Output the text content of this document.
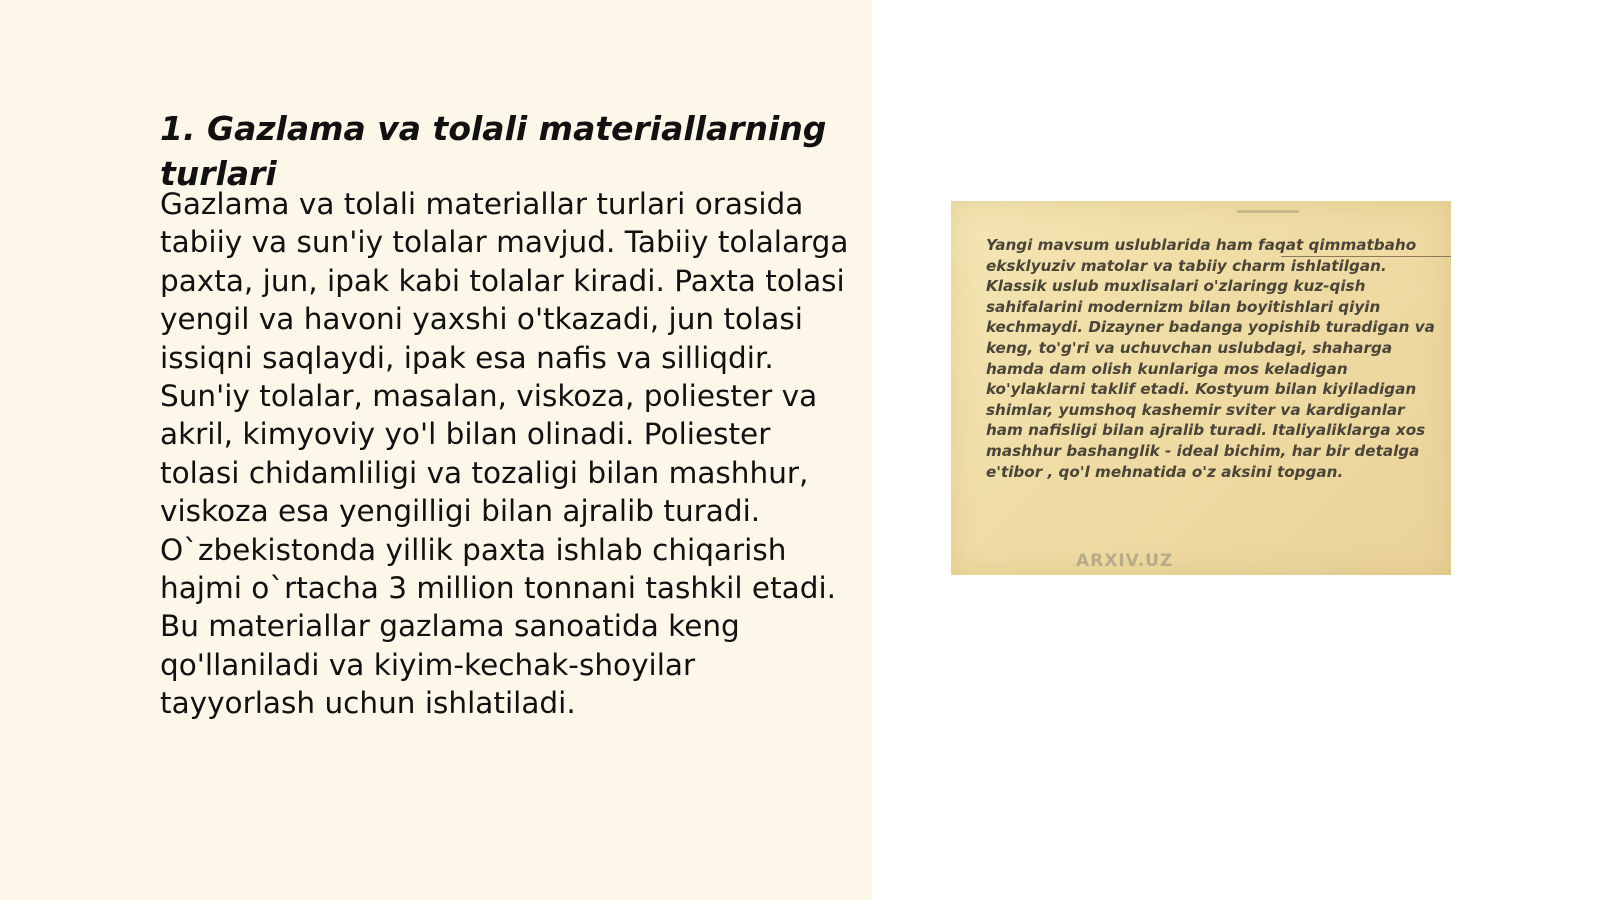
1. Gazlama va tolali materiallarning turlari

Gazlama va tolali materiallar turlari orasida tabiiy va sun'iy tolalar mavjud. Tabiiy tolalarga paxta, jun, ipak kabi tolalar kiradi. Paxta tolasi yengil va havoni yaxshi o'tkazadi, jun tolasi issiqni saqlaydi, ipak esa nafis va silliqdir. Sun'iy tolalar, masalan, viskoza, poliester va akril, kimyoviy yo'l bilan olinadi. Poliester tolasi chidamliligi va tozaligi bilan mashhur, viskoza esa yengilligi bilan ajralib turadi. O`zbekistonda yillik paxta ishlab chiqarish hajmi o`rtacha 3 million tonnani tashkil etadi. Bu materiallar gazlama sanoatida keng qo'llaniladi va kiyim-kechak-shoyilar tayyorlash uchun ishlatiladi.

Yangi mavsum uslublarida ham faqat qimmatbaho eksklyuziv matolar va tabiiy charm ishlatilgan. Klassik uslub muxlisalari o'zlaringg kuz-qish sahifalarini modernizm bilan boyitishlari qiyin kechmaydi. Dizayner badanga yopishib turadigan va keng, to'g'ri va uchuvchan uslubdagi, shaharga hamda dam olish kunlariga mos keladigan ko'ylaklarni taklif etadi. Kostyum bilan kiyiladigan shimlar, yumshoq kashemir sviter va kardiganlar ham nafisligi bilan ajralib turadi. Italiyaliklarga xos mashhur bashanglik - ideal bichim, har bir detalga e'tibor , qo'l mehnatida o'z aksini topgan.

ARXIV.UZ
